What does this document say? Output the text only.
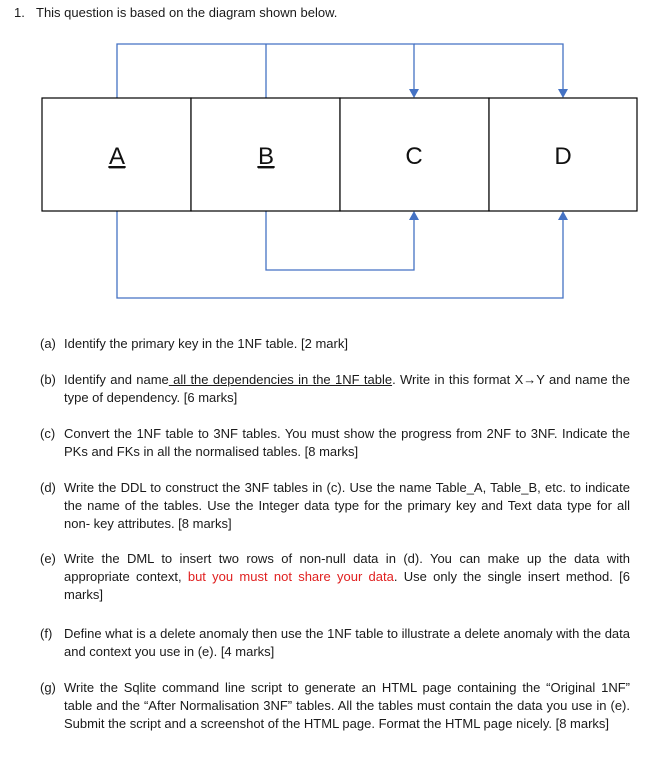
1. This question is based on the diagram shown below.
A	B	C	D
(a) Identify the primary key in the 1NF table. [2 mark]
(b) Identify and name all the dependencies in the 1NF table. Write in this format X→Y and name the type of dependency. [6 marks]
(c) Convert the 1NF table to 3NF tables. You must show the progress from 2NF to 3NF. Indicate the PKs and FKs in all the normalised tables. [8 marks]
(d) Write the DDL to construct the 3NF tables in (c). Use the name Table_A, Table_B, etc. to indicate the name of the tables. Use the Integer data type for the primary key and Text data type for all non- key attributes. [8 marks]
(e) Write the DML to insert two rows of non-null data in (d). You can make up the data with appropriate context, but you must not share your data. Use only the single insert method. [6 marks]
(f) Define what is a delete anomaly then use the 1NF table to illustrate a delete anomaly with the data and context you use in (e). [4 marks]
(g) Write the Sqlite command line script to generate an HTML page containing the “Original 1NF” table and the “After Normalisation 3NF” tables. All the tables must contain the data you use in (e). Submit the script and a screenshot of the HTML page. Format the HTML page nicely. [8 marks]
